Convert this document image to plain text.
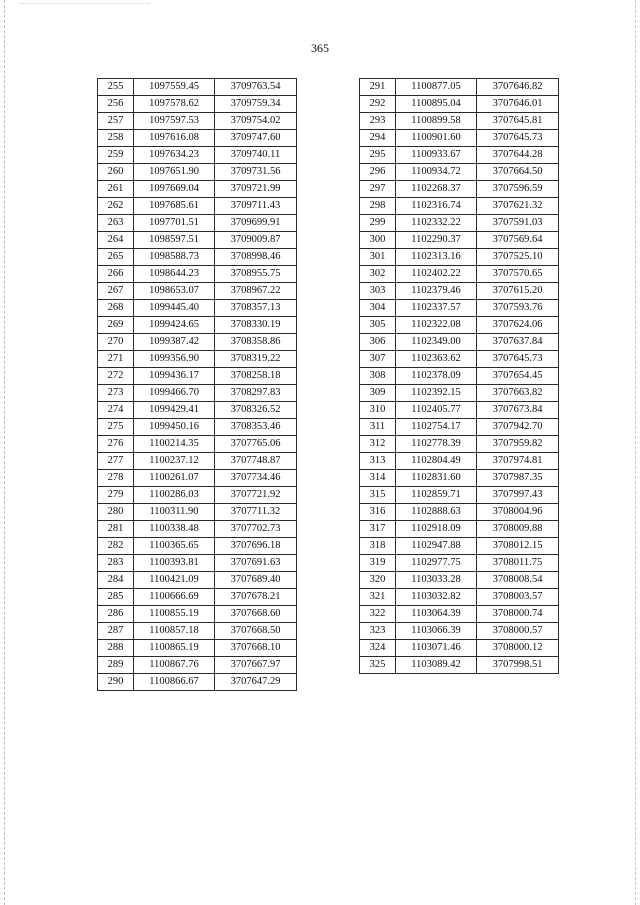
365
255	1097559.45	3709763.54
256	1097578.62	3709759.34
257	1097597.53	3709754.02
258	1097616.08	3709747.60
259	1097634.23	3709740.11
260	1097651.90	3709731.56
261	1097669.04	3709721.99
262	1097685.61	3709711.43
263	1097701.51	3709699.91
264	1098597.51	3709009.87
265	1098588.73	3708998.46
266	1098644.23	3708955.75
267	1098653.07	3708967.22
268	1099445.40	3708357.13
269	1099424.65	3708330.19
270	1099387.42	3708358.86
271	1099356.90	3708319.22
272	1099436.17	3708258.18
273	1099466.70	3708297.83
274	1099429.41	3708326.52
275	1099450.16	3708353.46
276	1100214.35	3707765.06
277	1100237.12	3707748.87
278	1100261.07	3707734.46
279	1100286.03	3707721.92
280	1100311.90	3707711.32
281	1100338.48	3707702.73
282	1100365.65	3707696.18
283	1100393.81	3707691.63
284	1100421.09	3707689.40
285	1100666.69	3707678.21
286	1100855.19	3707668.60
287	1100857.18	3707668.50
288	1100865.19	3707668.10
289	1100867.76	3707667.97
290	1100866.67	3707647.29
291	1100877.05	3707646.82
292	1100895.04	3707646.01
293	1100899.58	3707645.81
294	1100901.60	3707645.73
295	1100933.67	3707644.28
296	1100934.72	3707664.50
297	1102268.37	3707596.59
298	1102316.74	3707621.32
299	1102332.22	3707591.03
300	1102290.37	3707569.64
301	1102313.16	3707525.10
302	1102402.22	3707570.65
303	1102379.46	3707615.20
304	1102337.57	3707593.76
305	1102322.08	3707624.06
306	1102349.00	3707637.84
307	1102363.62	3707645.73
308	1102378.09	3707654.45
309	1102392.15	3707663.82
310	1102405.77	3707673.84
311	1102754.17	3707942.70
312	1102778.39	3707959.82
313	1102804.49	3707974.81
314	1102831.60	3707987.35
315	1102859.71	3707997.43
316	1102888.63	3708004.96
317	1102918.09	3708009.88
318	1102947.88	3708012.15
319	1102977.75	3708011.75
320	1103033.28	3708008.54
321	1103032.82	3708003.57
322	1103064.39	3708000.74
323	1103066.39	3708000.57
324	1103071.46	3708000.12
325	1103089.42	3707998.51
